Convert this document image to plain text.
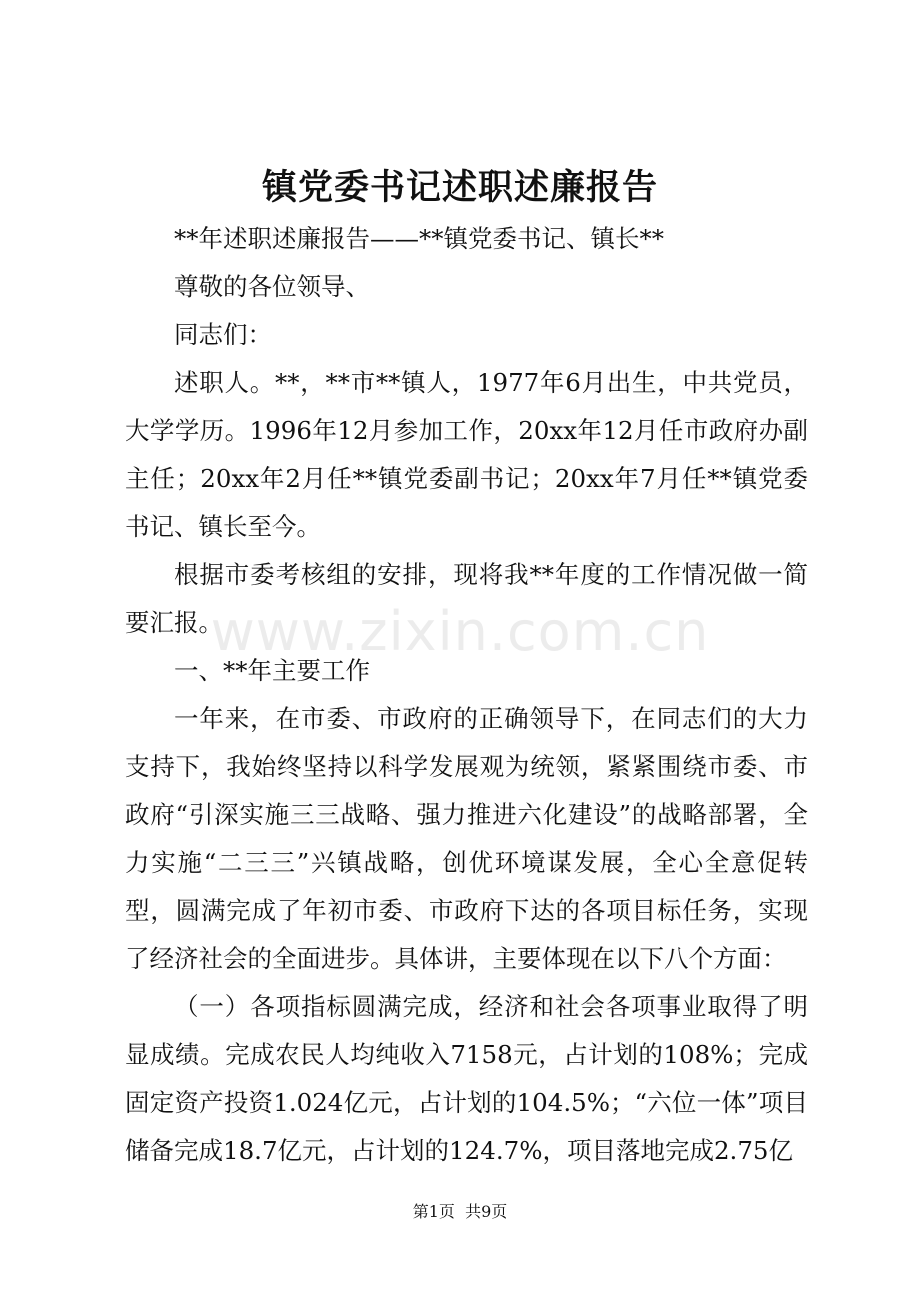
镇党委书记述职述廉报告

**年述职述廉报告——**镇党委书记、镇长**

尊敬的各位领导、

同志们：

述职人。**，**市**镇人，1977年6月出生，中共党员，大学学历。1996年12月参加工作，20xx年12月任市政府办副主任；20xx年2月任**镇党委副书记；20xx年7月任**镇党委书记、镇长至今。

根据市委考核组的安排，现将我**年度的工作情况做一简要汇报。

一、**年主要工作

一年来，在市委、市政府的正确领导下，在同志们的大力支持下，我始终坚持以科学发展观为统领，紧紧围绕市委、市政府“引深实施三三战略、强力推进六化建设”的战略部署，全力实施“二三三”兴镇战略，创优环境谋发展，全心全意促转型，圆满完成了年初市委、市政府下达的各项目标任务，实现了经济社会的全面进步。具体讲，主要体现在以下八个方面：

（一）各项指标圆满完成，经济和社会各项事业取得了明显成绩。完成农民人均纯收入7158元，占计划的108%；完成固定资产投资1.024亿元，占计划的104.5%；“六位一体”项目储备完成18.7亿元，占计划的124.7%，项目落地完成2.75亿

www.zixin.com.cn
第1页 共9页
